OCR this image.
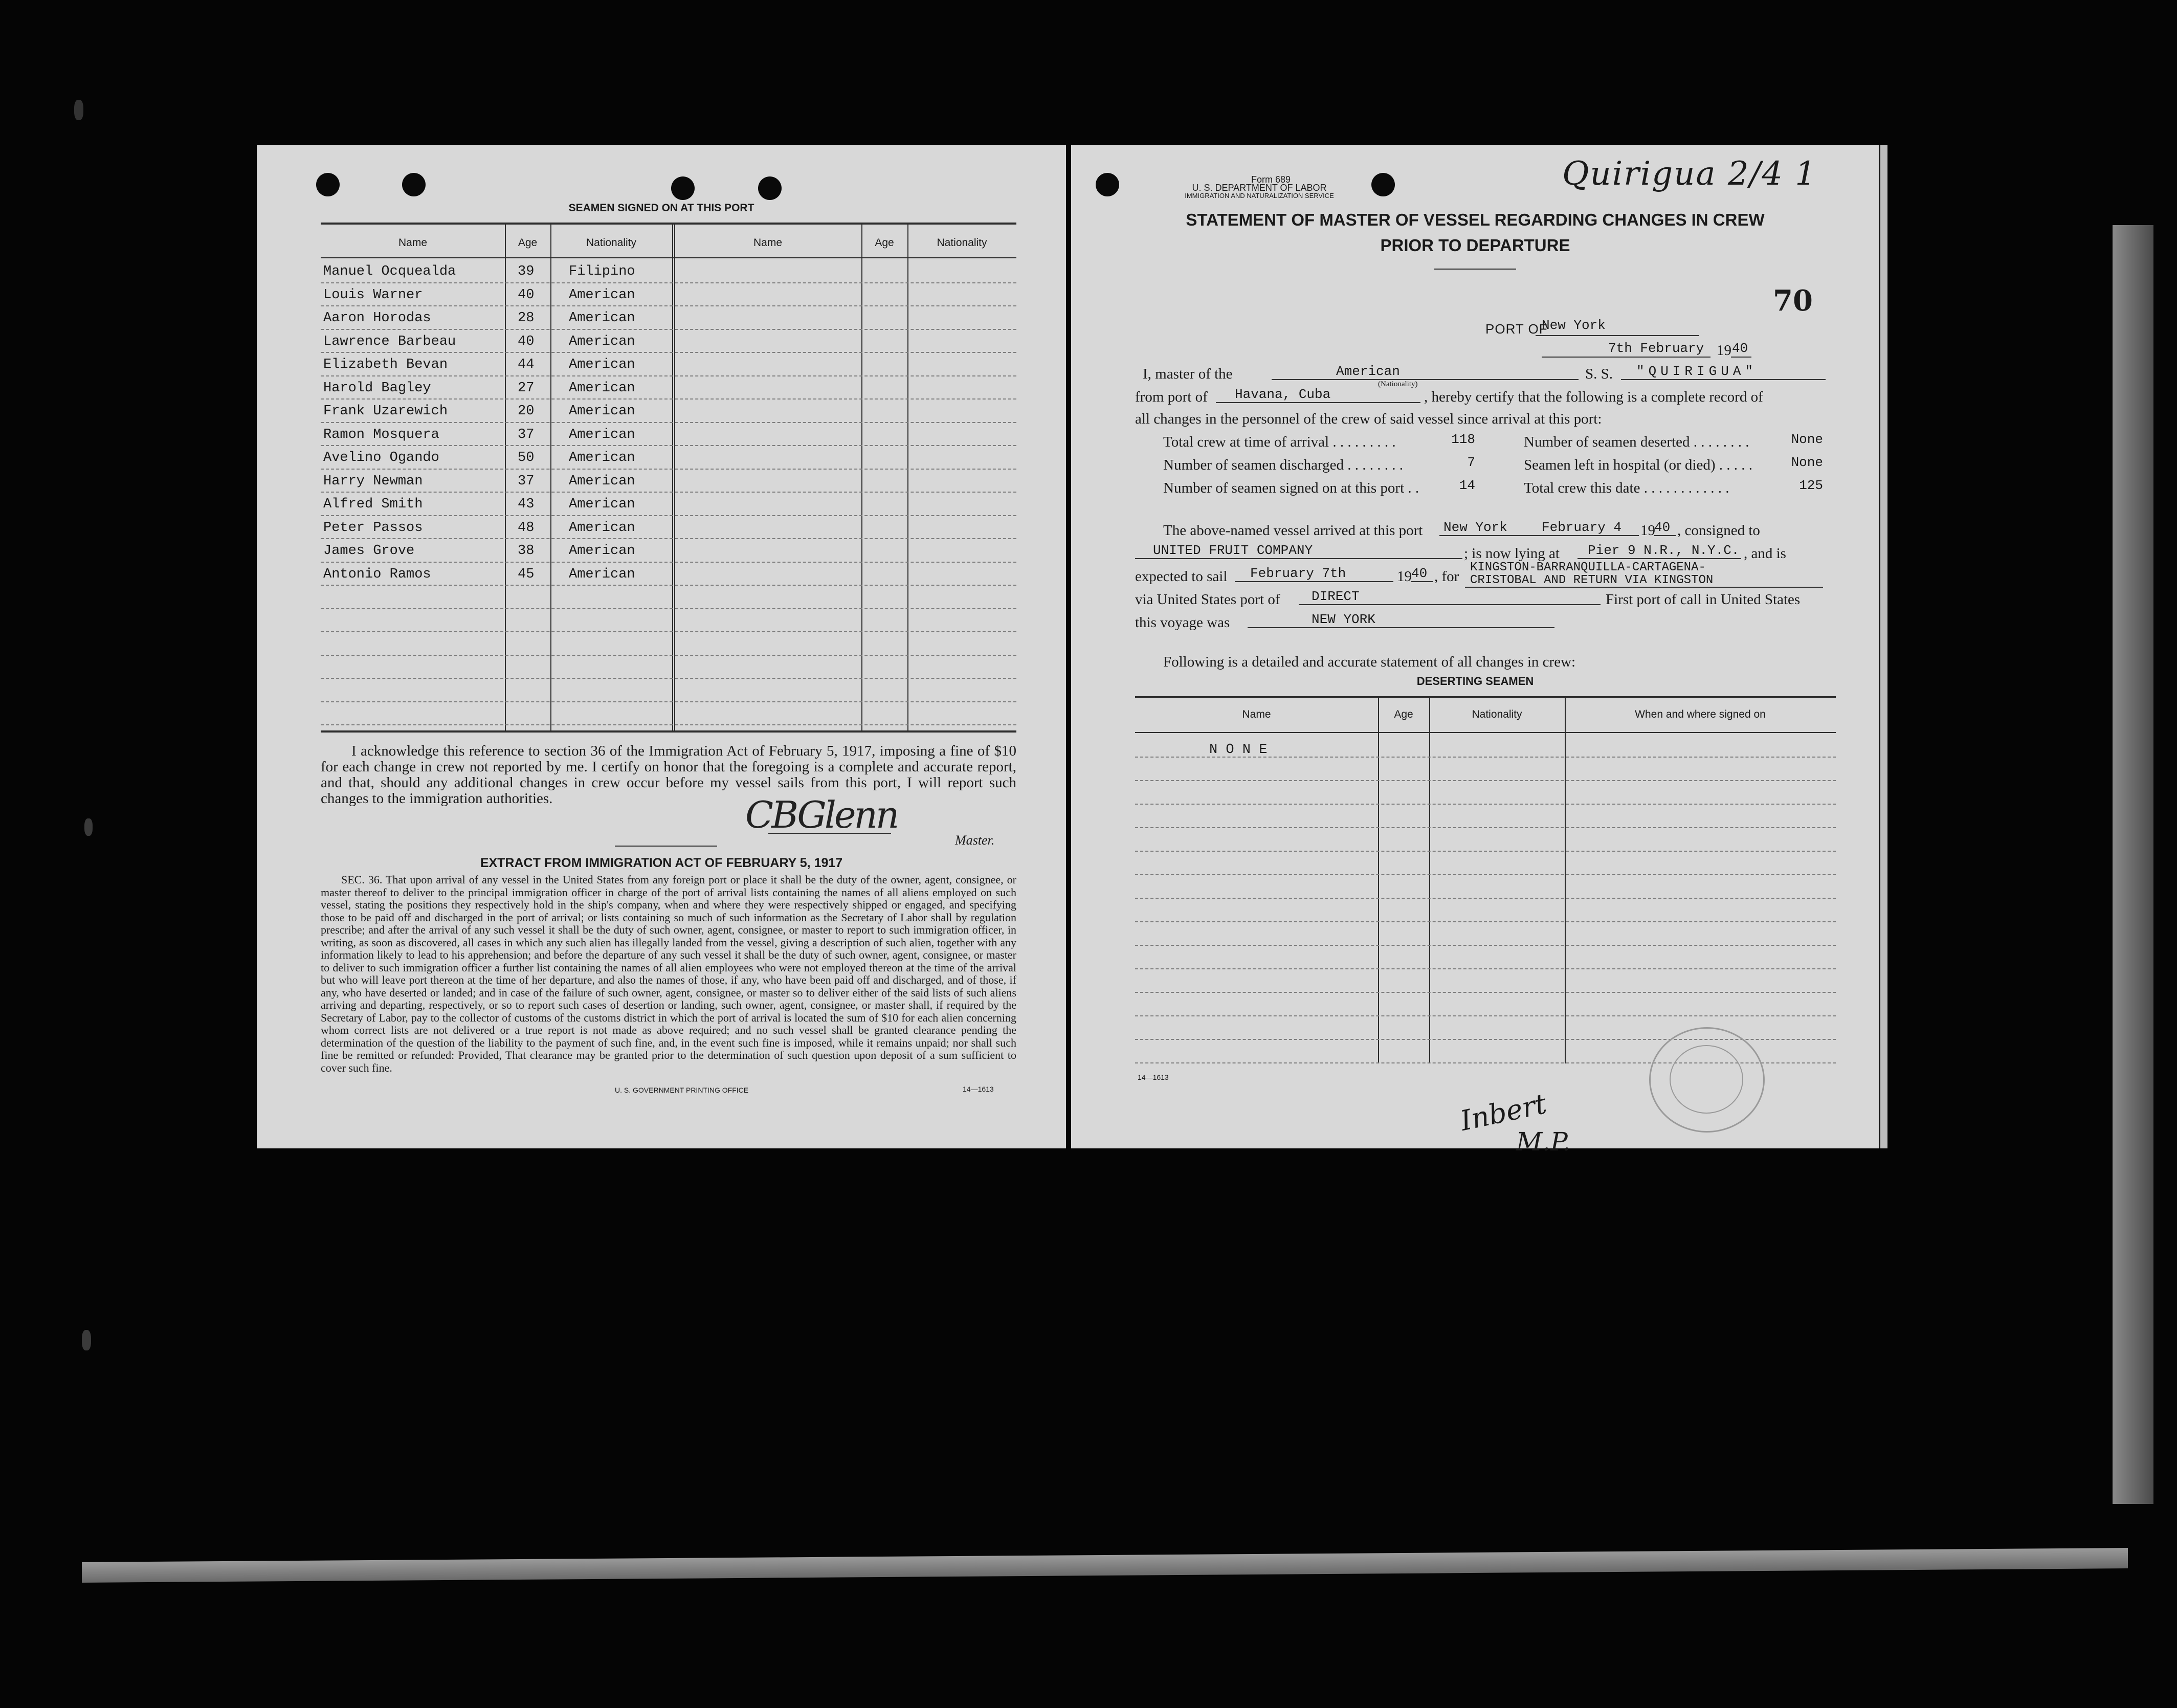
SEAMEN SIGNED ON AT THIS PORT
Name	Age	Nationality	Name	Age	Nationality
Manuel Ocquealda	39	Filipino
Louis Warner	40	American
Aaron Horodas	28	American
Lawrence Barbeau	40	American
Elizabeth Bevan	44	American
Harold Bagley	27	American
Frank Uzarewich	20	American
Ramon Mosquera	37	American
Avelino Ogando	50	American
Harry Newman	37	American
Alfred Smith	43	American
Peter Passos	48	American
James Grove	38	American
Antonio Ramos	45	American
I acknowledge this reference to section 36 of the Immigration Act of February 5, 1917, imposing a fine of $10 for each change in crew not reported by me. I certify on honor that the foregoing is a complete and accurate report, and that, should any additional changes in crew occur before my vessel sails from this port, I will report such changes to the immigration authorities.	CBGlenn
Master.
EXTRACT FROM IMMIGRATION ACT OF FEBRUARY 5, 1917
SEC. 36. That upon arrival of any vessel in the United States from any foreign port or place it shall be the duty of the owner, agent, consignee, or master thereof to deliver to the principal immigration officer in charge of the port of arrival lists containing the names of all aliens employed on such vessel, stating the positions they respectively hold in the ship's company, when and where they were respectively shipped or engaged, and specifying those to be paid off and discharged in the port of arrival; or lists containing so much of such information as the Secretary of Labor shall by regulation prescribe; and after the arrival of any such vessel it shall be the duty of such owner, agent, consignee, or master to report to such immigration officer, in writing, as soon as discovered, all cases in which any such alien has illegally landed from the vessel, giving a description of such alien, together with any information likely to lead to his apprehension; and before the departure of any such vessel it shall be the duty of such owner, agent, consignee, or master to deliver to such immigration officer a further list containing the names of all alien employees who were not employed thereon at the time of the arrival but who will leave port thereon at the time of her departure, and also the names of those, if any, who have been paid off and discharged, and of those, if any, who have deserted or landed; and in case of the failure of such owner, agent, consignee, or master so to deliver either of the said lists of such aliens arriving and departing, respectively, or so to report such cases of desertion or landing, such owner, agent, consignee, or master shall, if required by the Secretary of Labor, pay to the collector of customs of the customs district in which the port of arrival is located the sum of $10 for each alien concerning whom correct lists are not delivered or a true report is not made as above required; and no such vessel shall be granted clearance pending the determination of the question of the liability to the payment of such fine, and, in the event such fine is imposed, while it remains unpaid; nor shall such fine be remitted or refunded: Provided, That clearance may be granted prior to the determination of such question upon deposit of a sum sufficient to cover such fine.
U. S. GOVERNMENT PRINTING OFFICE	14—1613
Form 689
U. S. DEPARTMENT OF LABOR
IMMIGRATION AND NATURALIZATION SERVICE
Quirigua 2/4 1
STATEMENT OF MASTER OF VESSEL REGARDING CHANGES IN CREW
PRIOR TO DEPARTURE
70
PORT OF
New York
7th February 19 40
I, master of the	American
(Nationality)
S. S. "QUIRIGUA"
from port of Havana, Cuba	, hereby certify that the following is a complete record of
all changes in the personnel of the crew of said vessel since arrival at this port:
Total crew at time of arrival . . . . . . . . .	118
Number of seamen discharged . . . . . . . .	7
Number of seamen signed on at this port . .	14
Number of seamen deserted . . . . . . . .	None
Seamen left in hospital (or died) . . . . .	None
Total crew this date . . . . . . . . . . . .	125
The above-named vessel arrived at this port New York	February 4 19
40 , consigned to
UNITED FRUIT COMPANY	; is now lying at Pier 9 N.R., N.Y.C. , and is
expected to sail February 7th	19 40 , for
KINGSTON-BARRANQUILLA-CARTAGENA-
CRISTOBAL AND RETURN VIA KINGSTON
via United States port of DIRECT	First port of call in United States
this voyage was	NEW YORK
Following is a detailed and accurate statement of all changes in crew:
DESERTING SEAMEN
Name	Age	Nationality	When and where signed on
N O N E
14—1613
Inbert
M.P.
